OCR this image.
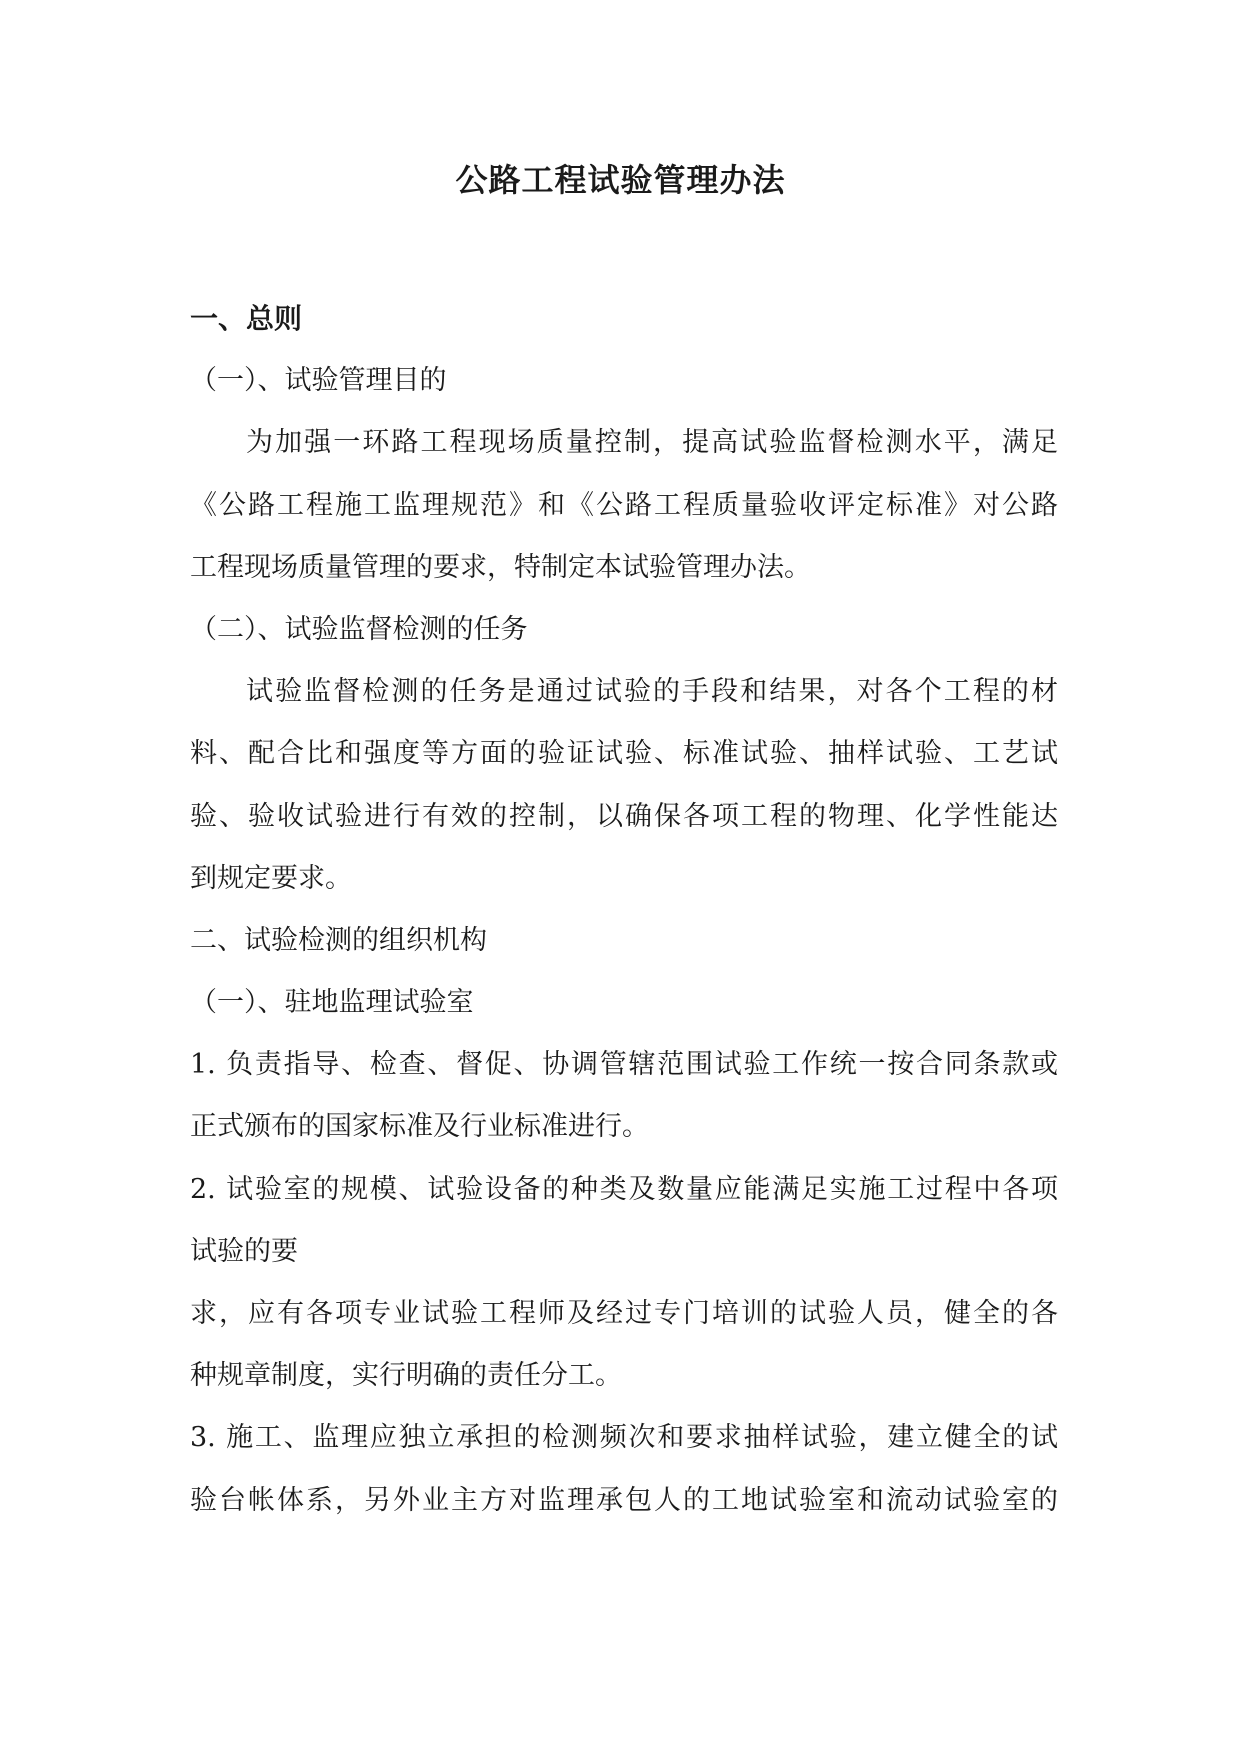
公路工程试验管理办法

一、总则

（一）、试验管理目的

为加强一环路工程现场质量控制，提高试验监督检测水平，满足

《公路工程施工监理规范》和《公路工程质量验收评定标准》对公路

工程现场质量管理的要求，特制定本试验管理办法。

（二）、试验监督检测的任务

试验监督检测的任务是通过试验的手段和结果，对各个工程的材

料、配合比和强度等方面的验证试验、标准试验、抽样试验、工艺试

验、验收试验进行有效的控制，以确保各项工程的物理、化学性能达

到规定要求。

二、试验检测的组织机构

（一）、驻地监理试验室

1. 负责指导、检查、督促、协调管辖范围试验工作统一按合同条款或

正式颁布的国家标准及行业标准进行。

2. 试验室的规模、试验设备的种类及数量应能满足实施工过程中各项

试验的要

求，应有各项专业试验工程师及经过专门培训的试验人员，健全的各

种规章制度，实行明确的责任分工。

3. 施工、监理应独立承担的检测频次和要求抽样试验，建立健全的试

验台帐体系，另外业主方对监理承包人的工地试验室和流动试验室的
